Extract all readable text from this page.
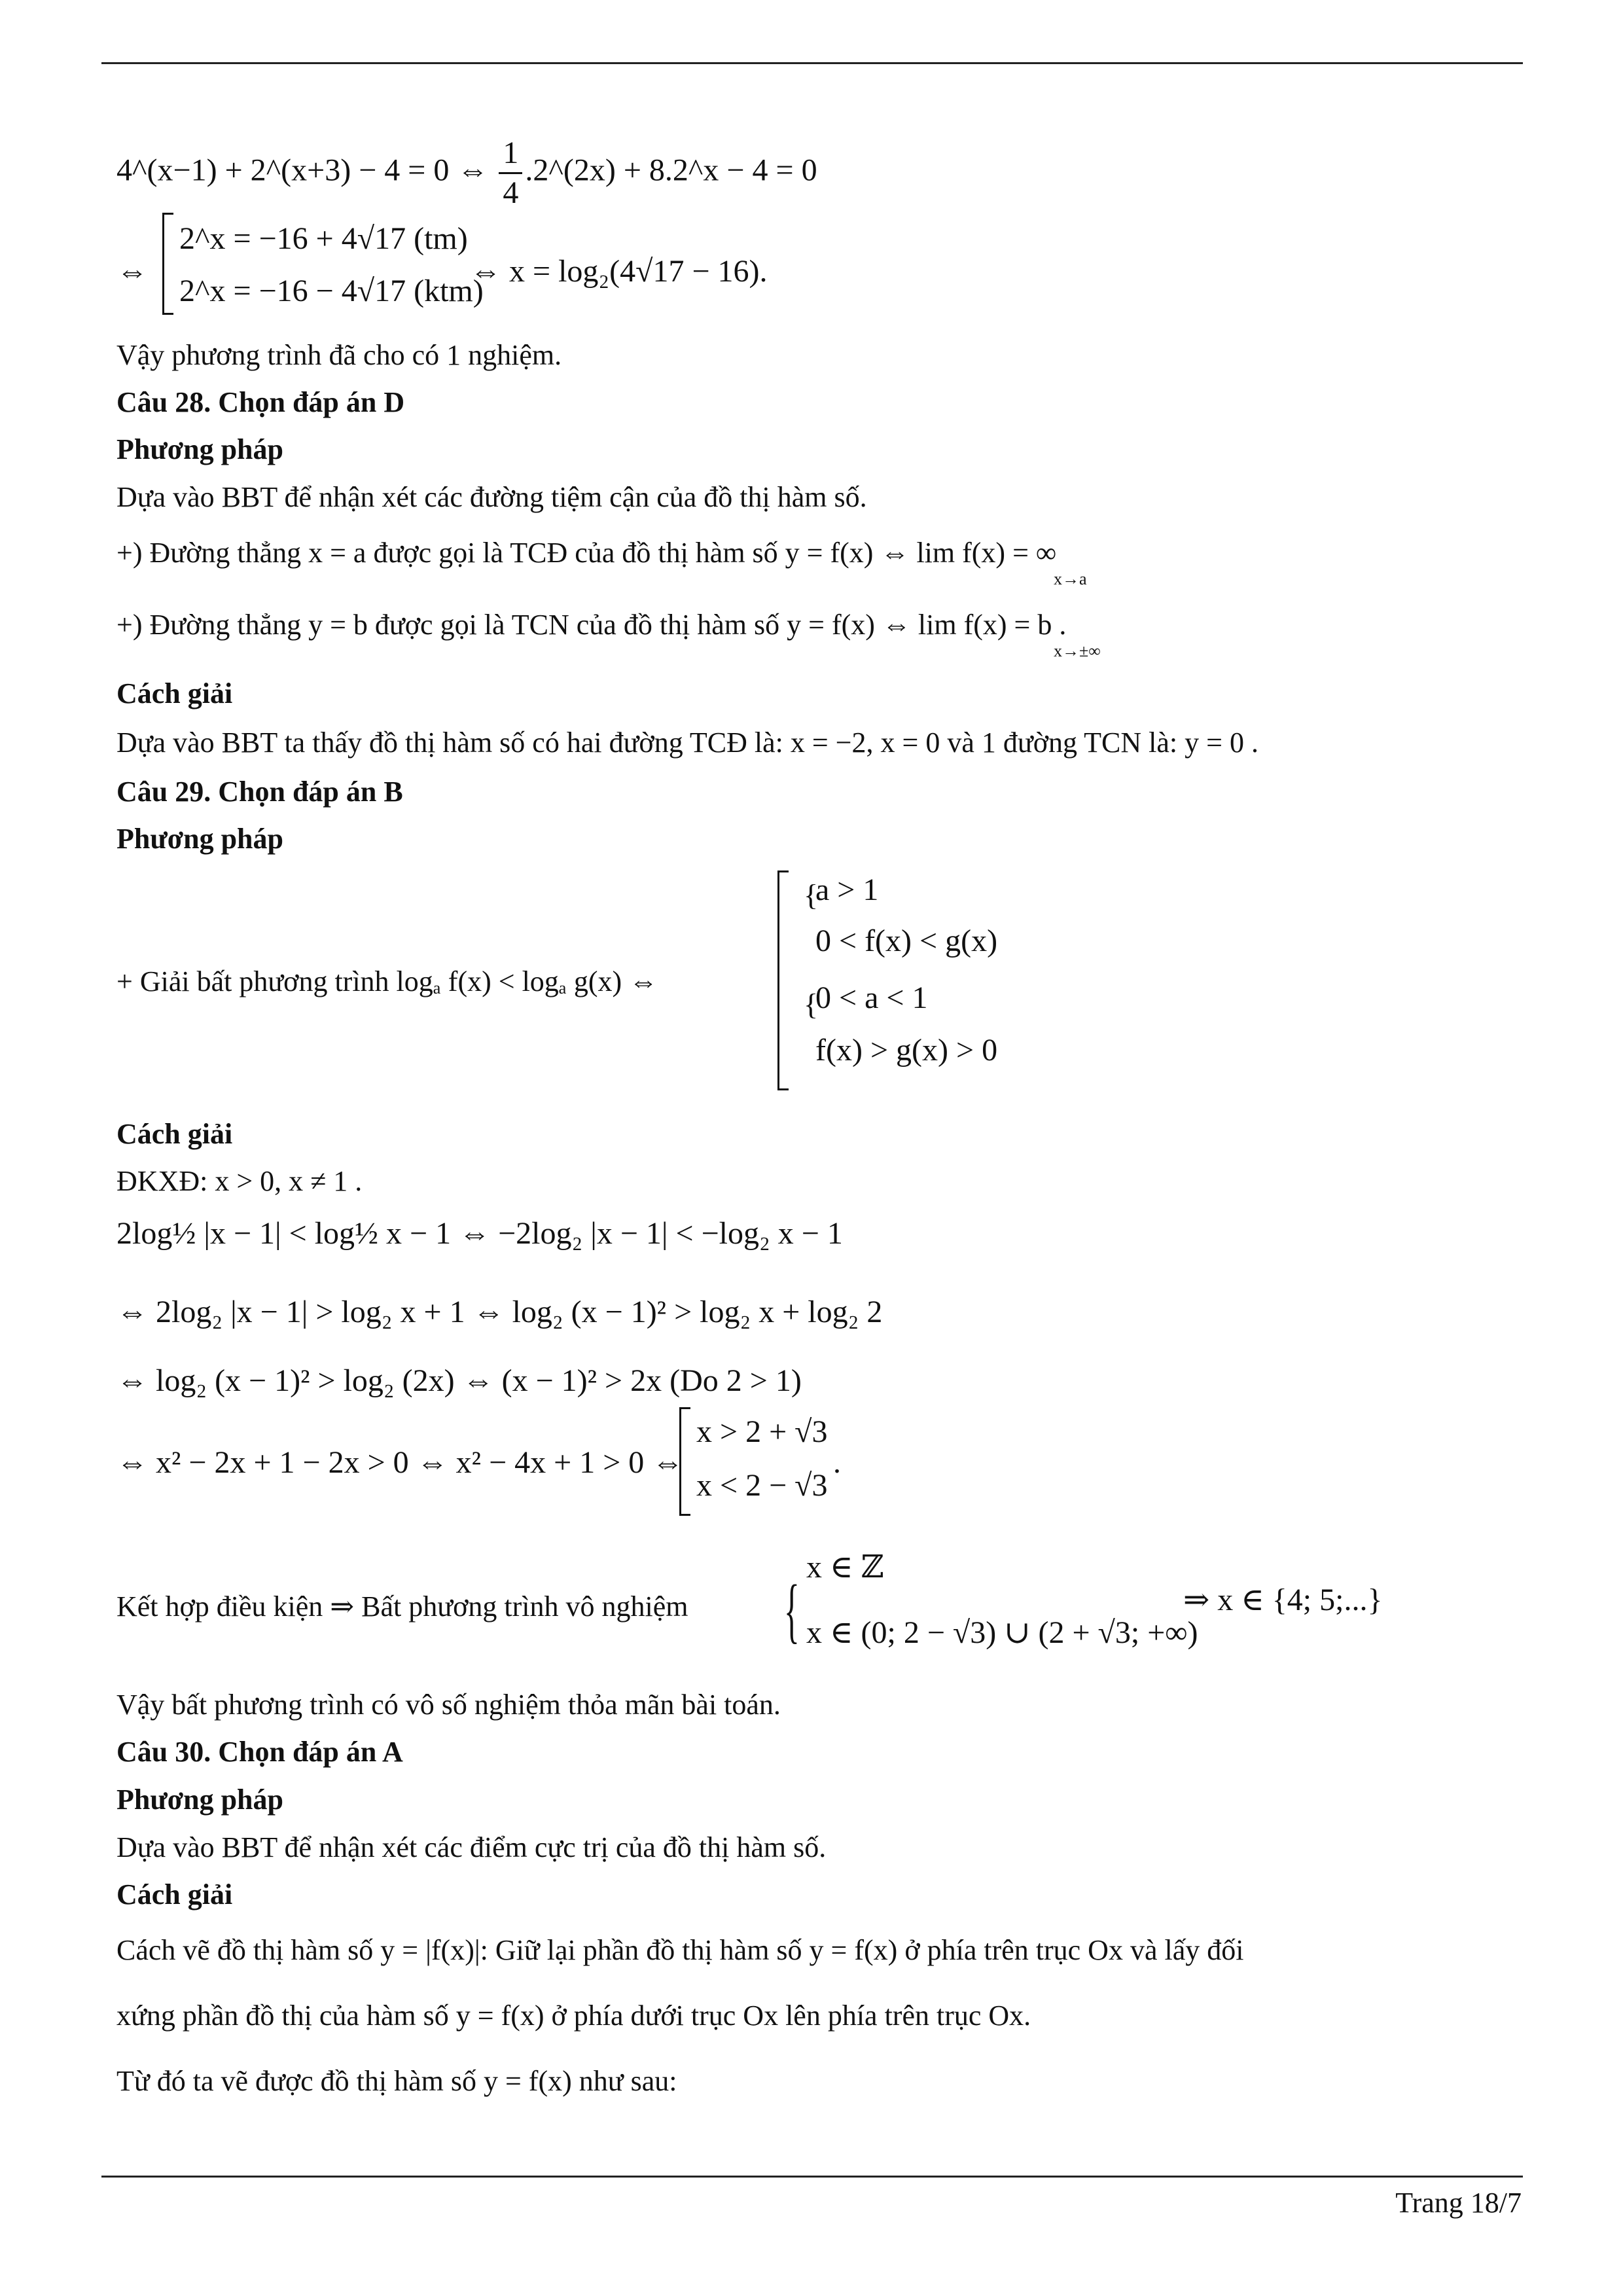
4^(x−1) + 2^(x+3) − 4 = 0 ⇔ $\frac{1}{4}$ .2^(2x) + 8.2^x − 4 = 0
⇔
2^x = −16 + 4√17 (tm)
2^x = −16 − 4√17 (ktm)
⇔ x = log₂(4√17 − 16).
Vậy phương trình đã cho có 1 nghiệm.
Câu 28. Chọn đáp án D
Phương pháp
Dựa vào BBT để nhận xét các đường tiệm cận của đồ thị hàm số.
+) Đường thẳng x = a được gọi là TCĐ của đồ thị hàm số y = f(x) ⇔ lim f(x) = ∞
x→a
+) Đường thẳng y = b được gọi là TCN của đồ thị hàm số y = f(x) ⇔ lim f(x) = b .
x→±∞
Cách giải
Dựa vào BBT ta thấy đồ thị hàm số có hai đường TCĐ là: x = −2, x = 0 và 1 đường TCN là: y = 0 .
Câu 29. Chọn đáp án B
Phương pháp
+ Giải bất phương trình logₐ f(x) < logₐ g(x) ⇔
{
a > 1
0 < f(x) < g(x)
{
0 < a < 1
f(x) > g(x) > 0
Cách giải
ĐKXĐ: x > 0, x ≠ 1 .
2log½ |x − 1| < log½ x − 1 ⇔ −2log₂ |x − 1| < −log₂ x − 1
⇔ 2log₂ |x − 1| > log₂ x + 1 ⇔ log₂ (x − 1)² > log₂ x + log₂ 2
⇔ log₂ (x − 1)² > log₂ (2x) ⇔ (x − 1)² > 2x (Do 2 > 1)
⇔ x² − 2x + 1 − 2x > 0 ⇔ x² − 4x + 1 > 0 ⇔
x > 2 + √3
x < 2 − √3
.
Kết hợp điều kiện ⇒ Bất phương trình vô nghiệm {
x ∈ ℤ
x ∈ (0; 2 − √3) ∪ (2 + √3; +∞)
⇒ x ∈ {4; 5;...}
Vậy bất phương trình có vô số nghiệm thỏa mãn bài toán.
Câu 30. Chọn đáp án A
Phương pháp
Dựa vào BBT để nhận xét các điểm cực trị của đồ thị hàm số.
Cách giải
Cách vẽ đồ thị hàm số y = |f(x)|: Giữ lại phần đồ thị hàm số y = f(x) ở phía trên trục Ox và lấy đối
xứng phần đồ thị của hàm số y = f(x) ở phía dưới trục Ox lên phía trên trục Ox.
Từ đó ta vẽ được đồ thị hàm số y = f(x) như sau:
Trang 18/7
